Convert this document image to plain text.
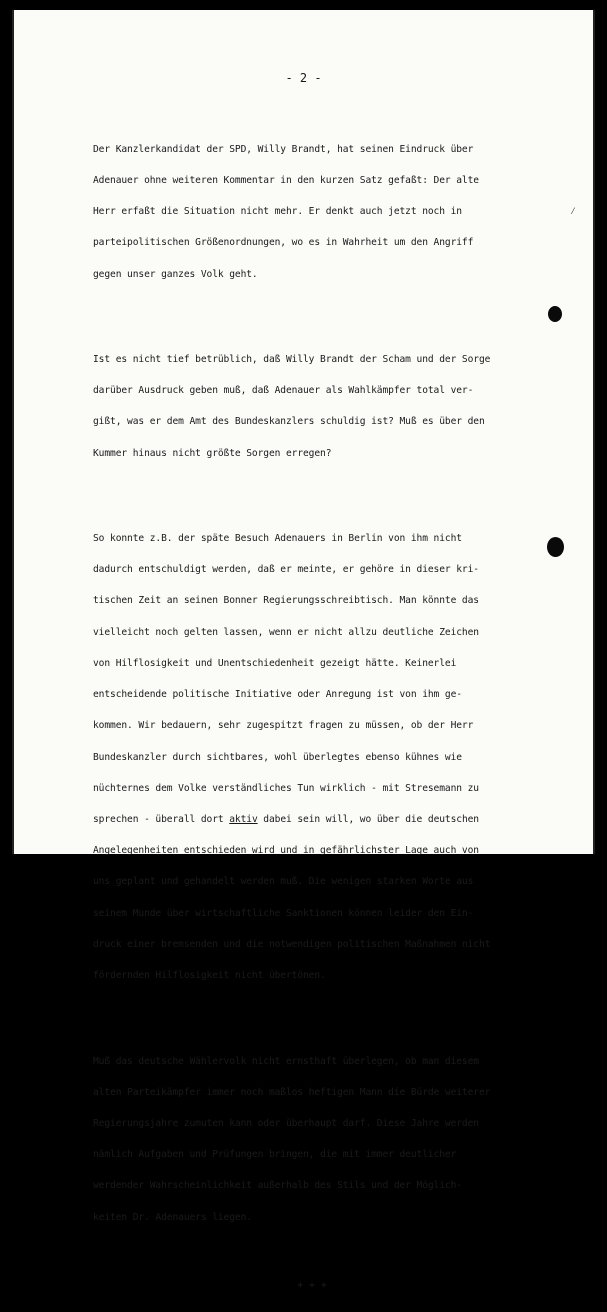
- 2 -

Der Kanzlerkandidat der SPD, Willy Brandt, hat seinen Eindruck über

Adenauer ohne weiteren Kommentar in den kurzen Satz gefaßt: Der alte

Herr erfaßt die Situation nicht mehr. Er denkt auch jetzt noch in

parteipolitischen Größenordnungen, wo es in Wahrheit um den Angriff

gegen unser ganzes Volk geht.

Ist es nicht tief betrüblich, daß Willy Brandt der Scham und der Sorge

darüber Ausdruck geben muß, daß Adenauer als Wahlkämpfer total ver-

gißt, was er dem Amt des Bundeskanzlers schuldig ist? Muß es über den

Kummer hinaus nicht größte Sorgen erregen?

So konnte z.B. der späte Besuch Adenauers in Berlin von ihm nicht

dadurch entschuldigt werden, daß er meinte, er gehöre in dieser kri-

tischen Zeit an seinen Bonner Regierungsschreibtisch. Man könnte das

vielleicht noch gelten lassen, wenn er nicht allzu deutliche Zeichen

von Hilflosigkeit und Unentschiedenheit gezeigt hätte. Keinerlei

entscheidende politische Initiative oder Anregung ist von ihm ge-

kommen. Wir bedauern, sehr zugespitzt fragen zu müssen, ob der Herr

Bundeskanzler durch sichtbares, wohl überlegtes ebenso kühnes wie

nüchternes dem Volke verständliches Tun wirklich - mit Stresemann zu

sprechen - überall dort aktiv dabei sein will, wo über die deutschen

Angelegenheiten entschieden wird und in gefährlichster Lage auch von

uns geplant und gehandelt werden muß. Die wenigen starken Worte aus

seinem Munde über wirtschaftliche Sanktionen können leider den Ein-

druck einer bremsenden und die notwendigen politischen Maßnahmen nicht

fördernden Hilflosigkeit nicht übertönen.

Muß das deutsche Wählervolk nicht ernsthaft überlegen, ob man diesem

alten Parteikämpfer immer noch maßlos heftigen Mann die Bürde weiterer

Regierungsjahre zumuten kann oder überhaupt darf. Diese Jahre werden

nämlich Aufgaben und Prüfungen bringen, die mit immer deutlicher

werdender Wahrscheinlichkeit außerhalb des Stils und der Möglich-

keiten Dr. Adenauers liegen.

+ + +

⁄
